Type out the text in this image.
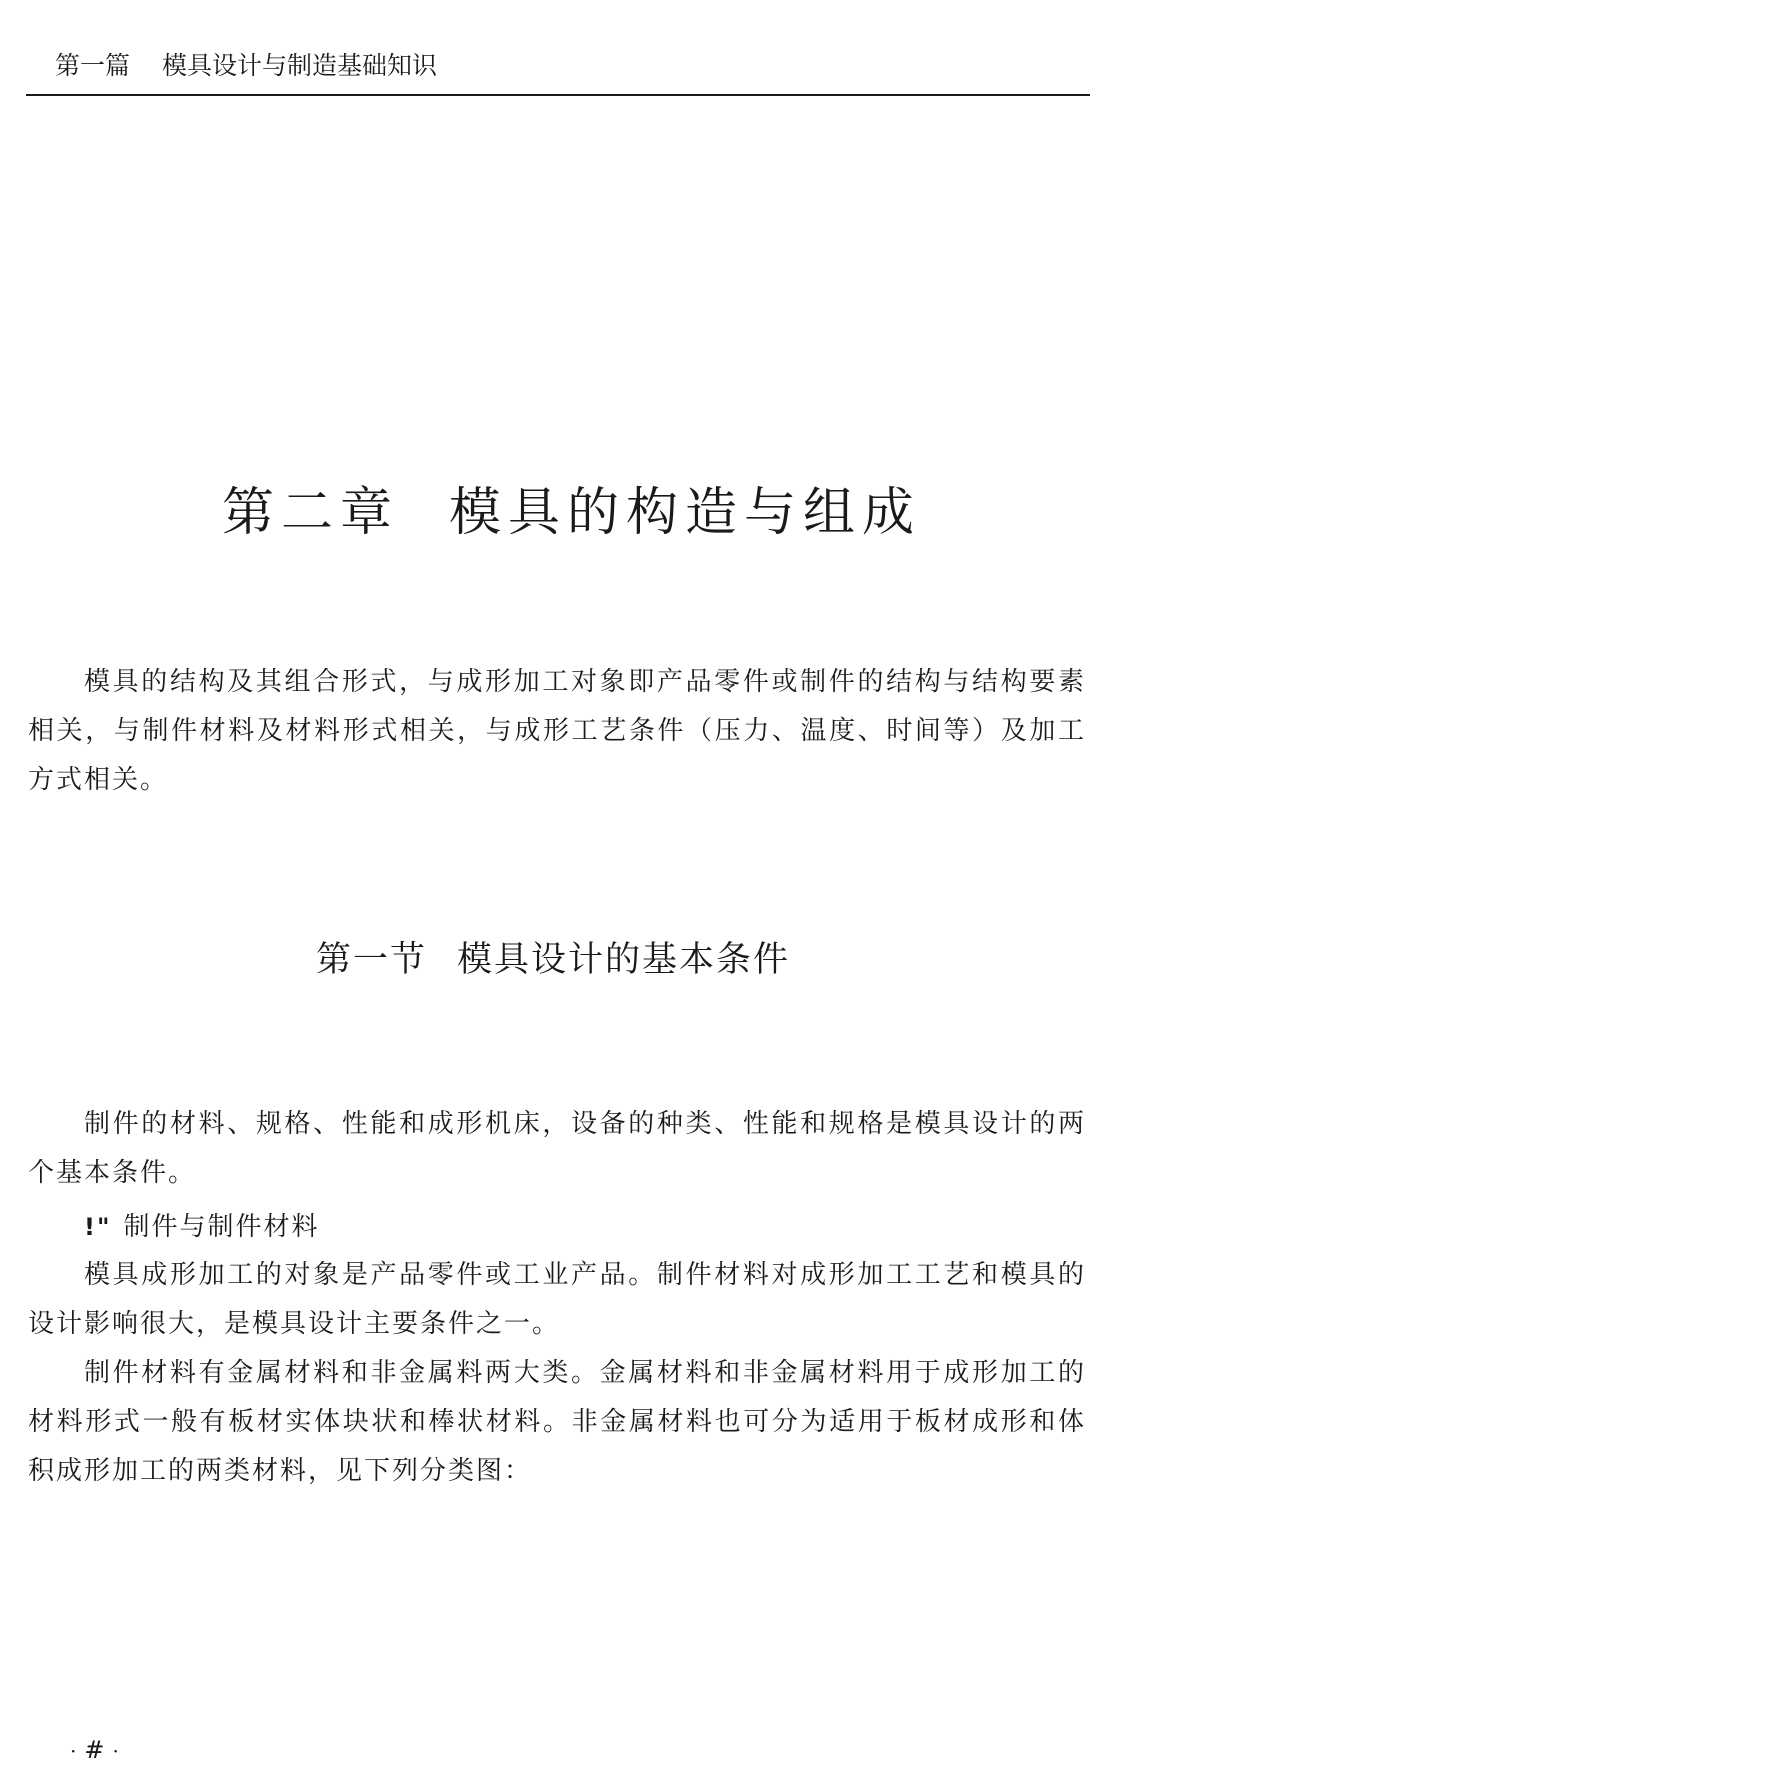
第一篇 模具设计与制造基础知识
第二章 模具的构造与组成

模具的结构及其组合形式，与成形加工对象即产品零件或制件的结构与结构要素相关，与制件材料及材料形式相关，与成形工艺条件（压力、温度、时间等）及加工方式相关。

第一节 模具设计的基本条件

制件的材料、规格、性能和成形机床，设备的种类、性能和规格是模具设计的两个基本条件。

!" 制件与制件材料

模具成形加工的对象是产品零件或工业产品。制件材料对成形加工工艺和模具的设计影响很大，是模具设计主要条件之一。

制件材料有金属材料和非金属料两大类。金属材料和非金属材料用于成形加工的材料形式一般有板材实体块状和棒状材料。非金属材料也可分为适用于板材成形和体积成形加工的两类材料，见下列分类图：

· # ·
